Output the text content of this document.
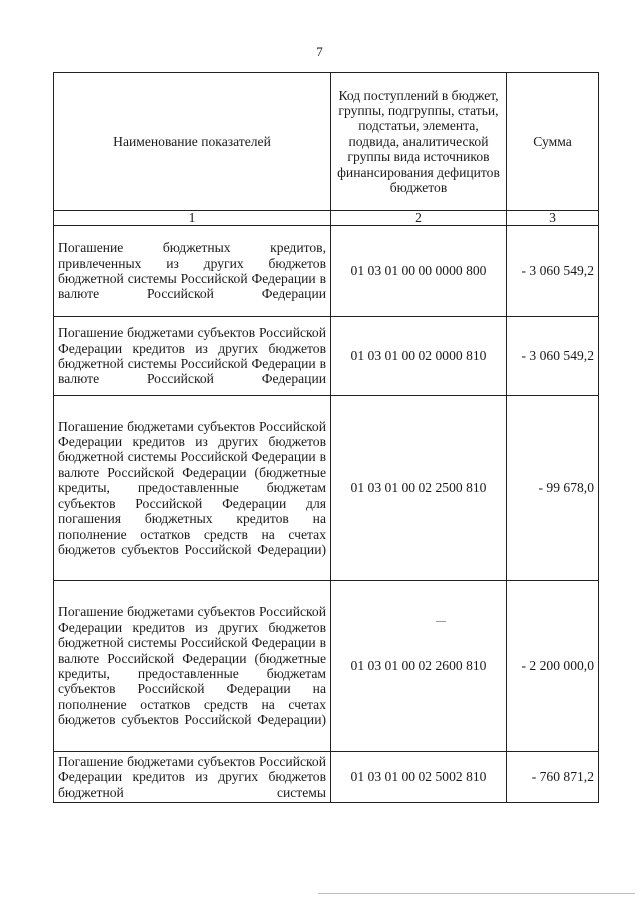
7
Наименование показателей	Код поступлений в бюджет, группы, подгруппы, статьи, подстатьи, элемента, подвида, аналитической группы вида источников финансирования дефицитов бюджетов	Сумма
1	2	3
Погашение бюджетных кредитов, привлеченных из других бюджетов бюджетной системы Российской Федерации в валюте Российской Федерации	01 03 01 00 00 0000 800	- 3 060 549,2
Погашение бюджетами субъектов Российской Федерации кредитов из других бюджетов бюджетной системы Российской Федерации в валюте Российской Федерации	01 03 01 00 02 0000 810	- 3 060 549,2
Погашение бюджетами субъектов Российской Федерации кредитов из других бюджетов бюджетной системы Российской Федерации в валюте Российской Федерации (бюджетные кредиты, предоставленные бюджетам субъектов Российской Федерации для погашения бюджетных кредитов на пополнение остатков средств на счетах бюджетов субъектов Российской Федерации)	01 03 01 00 02 2500 810	- 99 678,0
Погашение бюджетами субъектов Российской Федерации кредитов из других бюджетов бюджетной системы Российской Федерации в валюте Российской Федерации (бюджетные кредиты, предоставленные бюджетам субъектов Российской Федерации на пополнение остатков средств на счетах бюджетов субъектов Российской Федерации)	01 03 01 00 02 2600 810	- 2 200 000,0
Погашение бюджетами субъектов Российской Федерации кредитов из других бюджетов бюджетной системы	01 03 01 00 02 5002 810	- 760 871,2
